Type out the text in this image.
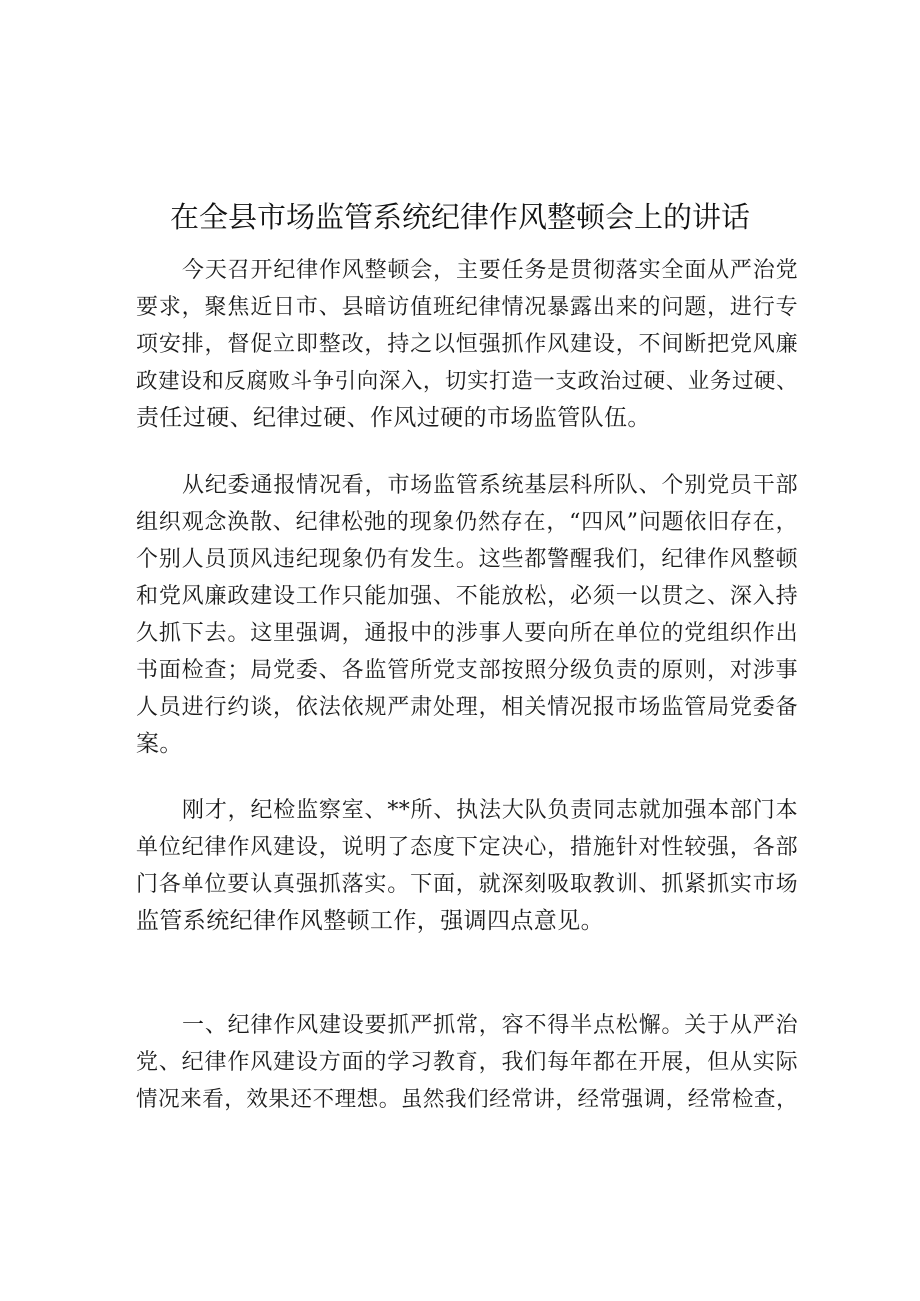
在全县市场监管系统纪律作风整顿会上的讲话
今天召开纪律作风整顿会，主要任务是贯彻落实全面从严治党
要求，聚焦近日市、县暗访值班纪律情况暴露出来的问题，进行专
项安排，督促立即整改，持之以恒强抓作风建设，不间断把党风廉
政建设和反腐败斗争引向深入，切实打造一支政治过硬、业务过硬、
责任过硬、纪律过硬、作风过硬的市场监管队伍。
从纪委通报情况看，市场监管系统基层科所队、个别党员干部
组织观念涣散、纪律松弛的现象仍然存在，“四风”问题依旧存在，
个别人员顶风违纪现象仍有发生。这些都警醒我们，纪律作风整顿
和党风廉政建设工作只能加强、不能放松，必须一以贯之、深入持
久抓下去。这里强调，通报中的涉事人要向所在单位的党组织作出
书面检查；局党委、各监管所党支部按照分级负责的原则，对涉事
人员进行约谈，依法依规严肃处理，相关情况报市场监管局党委备
案。
刚才，纪检监察室、**所、执法大队负责同志就加强本部门本
单位纪律作风建设，说明了态度下定决心，措施针对性较强，各部
门各单位要认真强抓落实。下面，就深刻吸取教训、抓紧抓实市场
监管系统纪律作风整顿工作，强调四点意见。
一、纪律作风建设要抓严抓常，容不得半点松懈。关于从严治
党、纪律作风建设方面的学习教育，我们每年都在开展，但从实际
情况来看，效果还不理想。虽然我们经常讲，经常强调，经常检查，
